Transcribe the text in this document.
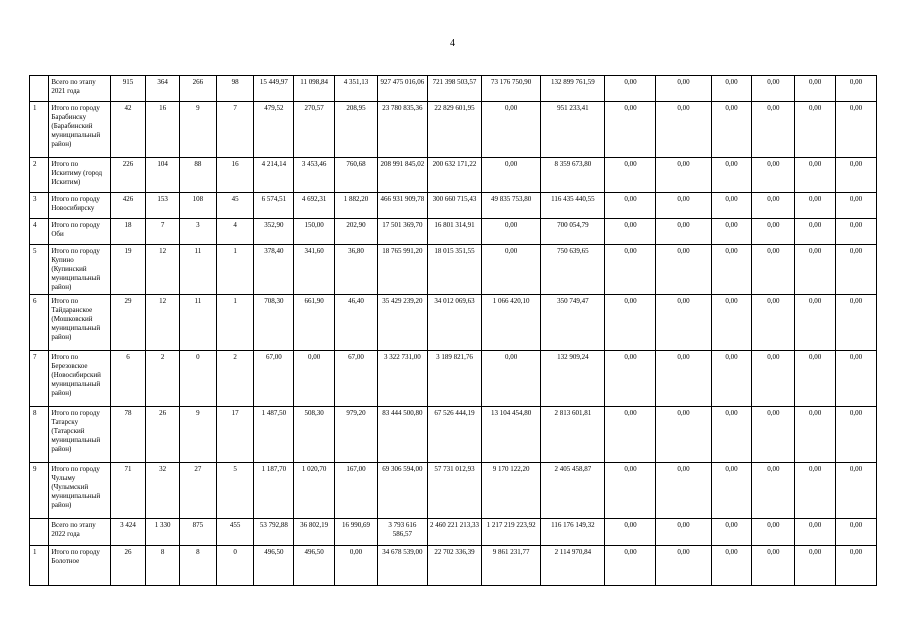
4
	Всего по этапу 2021 года	915	364	266	98	15 449,97	11 098,84	4 351,13	927 475 016,06	721 398 503,57	73 176 750,90	132 899 761,59	0,00	0,00	0,00	0,00	0,00	0,00
1	Итого по городу Барабинску (Барабинский муниципальный район)	42	16	9	7	479,52	270,57	208,95	23 780 835,36	22 829 601,95	0,00	951 233,41	0,00	0,00	0,00	0,00	0,00	0,00
2	Итого по Искитиму (город Искитим)	226	104	88	16	4 214,14	3 453,46	760,68	208 991 845,02	200 632 171,22	0,00	8 359 673,80	0,00	0,00	0,00	0,00	0,00	0,00
3	Итого по городу Новосибирску	426	153	108	45	6 574,51	4 692,31	1 882,20	466 931 909,78	300 660 715,43	49 835 753,80	116 435 440,55	0,00	0,00	0,00	0,00	0,00	0,00
4	Итого по городу Оби	18	7	3	4	352,90	150,00	202,90	17 501 369,70	16 801 314,91	0,00	700 054,79	0,00	0,00	0,00	0,00	0,00	0,00
5	Итого по городу Купино (Купинский муниципальный район)	19	12	11	1	378,40	341,60	36,80	18 765 991,20	18 015 351,55	0,00	750 639,65	0,00	0,00	0,00	0,00	0,00	0,00
6	Итого по Тайдаранское (Мошковский муниципальный район)	29	12	11	1	708,30	661,90	46,40	35 429 239,20	34 012 069,63	1 066 420,10	350 749,47	0,00	0,00	0,00	0,00	0,00	0,00
7	Итого по Березовское (Новосибирский муниципальный район)	6	2	0	2	67,00	0,00	67,00	3 322 731,00	3 189 821,76	0,00	132 909,24	0,00	0,00	0,00	0,00	0,00	0,00
8	Итого по городу Татарску (Татарский муниципальный район)	78	26	9	17	1 487,50	508,30	979,20	83 444 500,80	67 526 444,19	13 104 454,80	2 813 601,81	0,00	0,00	0,00	0,00	0,00	0,00
9	Итого по городу Чулыму (Чулымский муниципальный район)	71	32	27	5	1 187,70	1 020,70	167,00	69 306 594,00	57 731 012,93	9 170 122,20	2 405 458,87	0,00	0,00	0,00	0,00	0,00	0,00
	Всего по этапу 2022 года	3 424	1 330	875	455	53 792,88	36 802,19	16 990,69	3 793 616 586,57	2 460 221 213,33	1 217 219 223,92	116 176 149,32	0,00	0,00	0,00	0,00	0,00	0,00
1	Итого по городу Болотное	26	8	8	0	496,50	496,50	0,00	34 678 539,00	22 702 336,39	9 861 231,77	2 114 970,84	0,00	0,00	0,00	0,00	0,00	0,00
